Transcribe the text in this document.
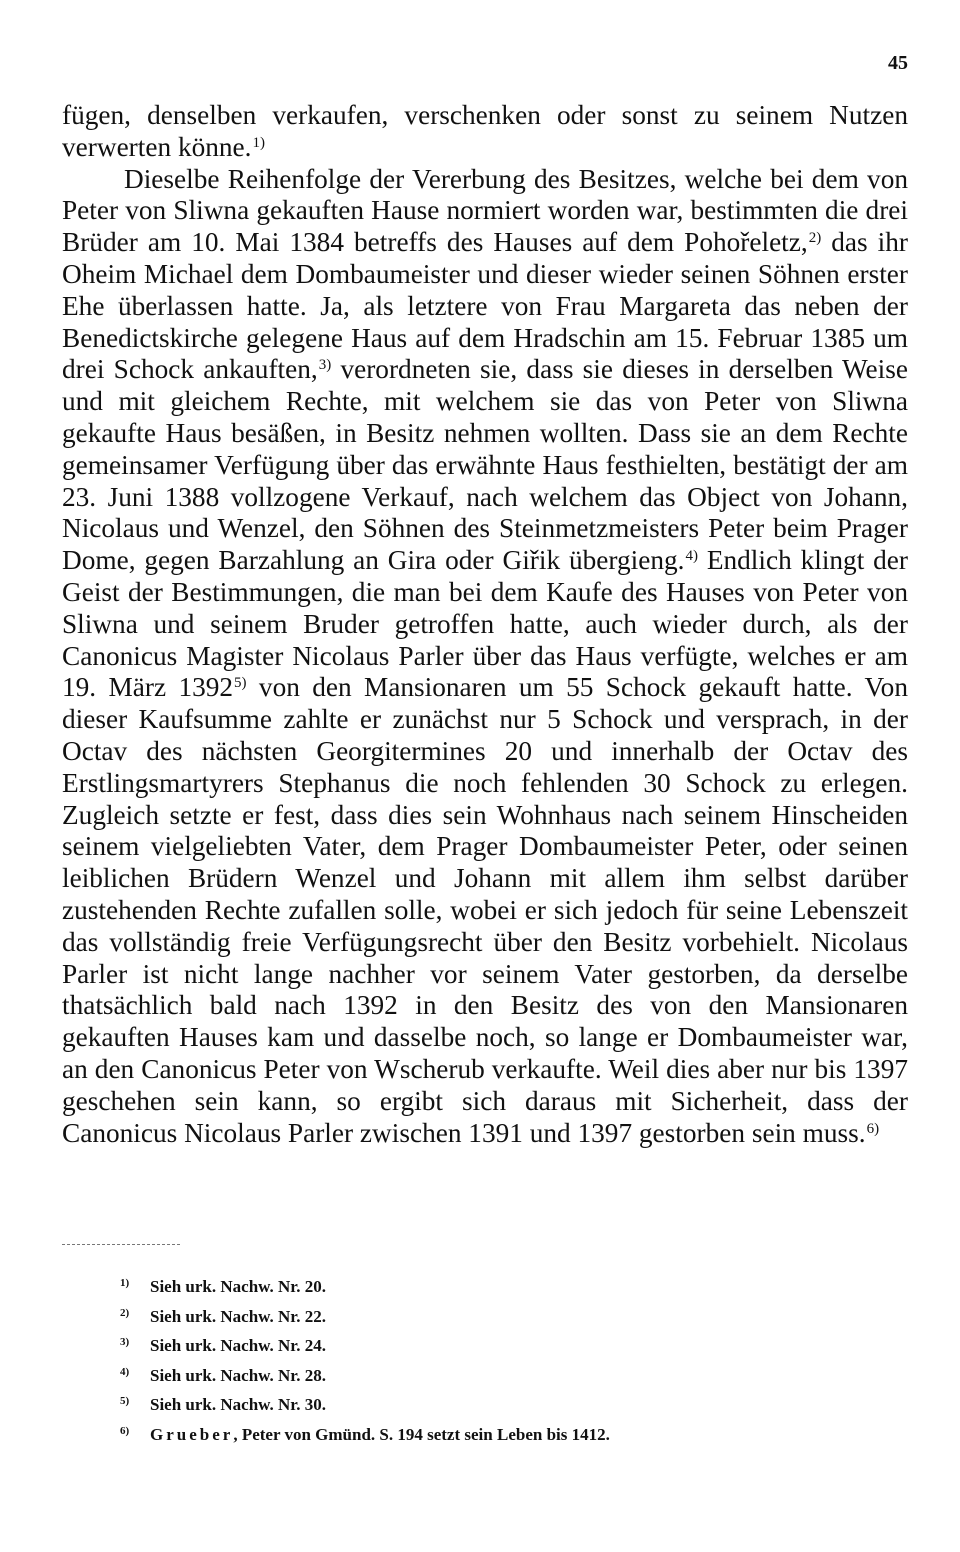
45

fügen, denselben verkaufen, verschenken oder sonst zu seinem Nutzen verwerten könne.$^{1)}$

Dieselbe Reihenfolge der Vererbung des Besitzes, welche bei dem von Peter von Sliwna gekauften Hause normiert worden war, bestimmten die drei Brüder am 10. Mai 1384 betreffs des Hauses auf dem Pohořeletz,$^{2)}$ das ihr Oheim Michael dem Dombaumeister und dieser wieder seinen Söhnen erster Ehe überlassen hatte. Ja, als letztere von Frau Margareta das neben der Benedictskirche gelegene Haus auf dem Hradschin am 15. Februar 1385 um drei Schock ankauften,$^{3)}$ verordneten sie, dass sie dieses in derselben Weise und mit gleichem Rechte, mit welchem sie das von Peter von Sliwna gekaufte Haus besäßen, in Besitz nehmen wollten. Dass sie an dem Rechte gemeinsamer Verfügung über das erwähnte Haus festhielten, bestätigt der am 23. Juni 1388 vollzogene Verkauf, nach welchem das Object von Johann, Nicolaus und Wenzel, den Söhnen des Steinmetzmeisters Peter beim Prager Dome, gegen Barzahlung an Gira oder Giřik übergieng.$^{4)}$ Endlich klingt der Geist der Bestimmungen, die man bei dem Kaufe des Hauses von Peter von Sliwna und seinem Bruder getroffen hatte, auch wieder durch, als der Canonicus Magister Nicolaus Parler über das Haus verfügte, welches er am 19. März 1392$^{5)}$ von den Mansionaren um 55 Schock gekauft hatte. Von dieser Kaufsumme zahlte er zunächst nur 5 Schock und versprach, in der Octav des nächsten Georgitermines 20 und innerhalb der Octav des Erstlingsmartyrers Stephanus die noch fehlenden 30 Schock zu erlegen. Zugleich setzte er fest, dass dies sein Wohnhaus nach seinem Hinscheiden seinem vielgeliebten Vater, dem Prager Dombaumeister Peter, oder seinen leiblichen Brüdern Wenzel und Johann mit allem ihm selbst darüber zustehenden Rechte zufallen solle, wobei er sich jedoch für seine Lebenszeit das vollständig freie Verfügungsrecht über den Besitz vorbehielt. Nicolaus Parler ist nicht lange nachher vor seinem Vater gestorben, da derselbe thatsächlich bald nach 1392 in den Besitz des von den Mansionaren gekauften Hauses kam und dasselbe noch, so lange er Dombaumeister war, an den Canonicus Peter von Wscherub verkaufte. Weil dies aber nur bis 1397 geschehen sein kann, so ergibt sich daraus mit Sicherheit, dass der Canonicus Nicolaus Parler zwischen 1391 und 1397 gestorben sein muss.$^{6)}$

$^{1)}$ Sieh urk. Nachw. Nr. 20.
$^{2)}$ Sieh urk. Nachw. Nr. 22.
$^{3)}$ Sieh urk. Nachw. Nr. 24.
$^{4)}$ Sieh urk. Nachw. Nr. 28.
$^{5)}$ Sieh urk. Nachw. Nr. 30.
$^{6)}$ Grueber, Peter von Gmünd. S. 194 setzt sein Leben bis 1412.
